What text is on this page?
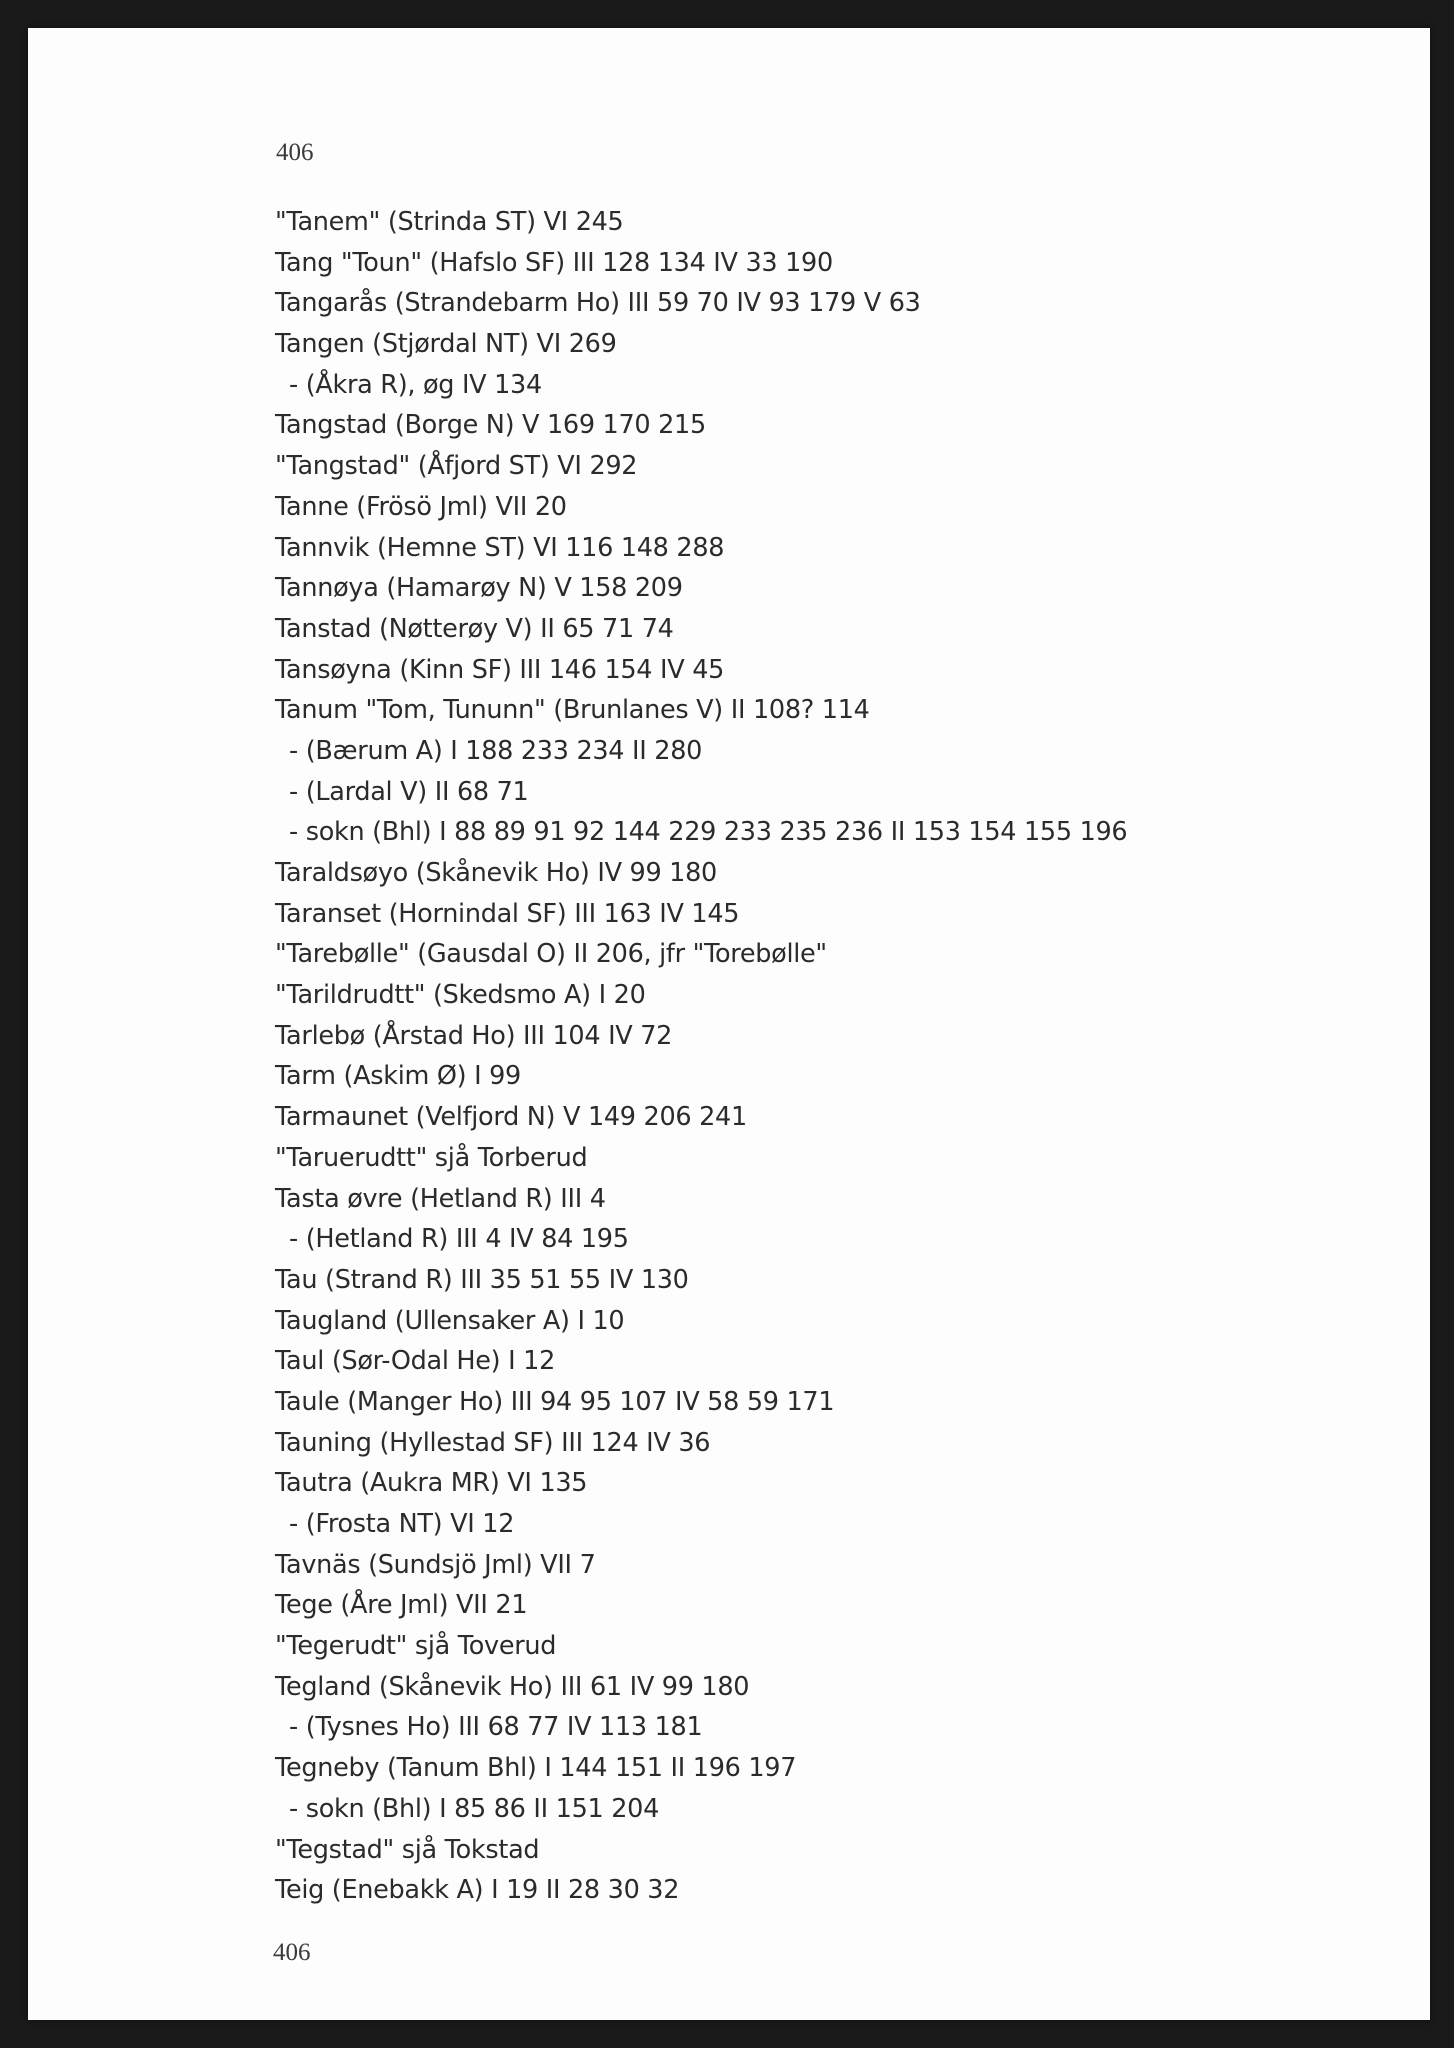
406
"Tanem" (Strinda ST) VI 245
Tang "Toun" (Hafslo SF) III 128 134 IV 33 190
Tangarås (Strandebarm Ho) III 59 70 IV 93 179 V 63
Tangen (Stjørdal NT) VI 269
- (Åkra R), øg IV 134
Tangstad (Borge N) V 169 170 215
"Tangstad" (Åfjord ST) VI 292
Tanne (Frösö Jml) VII 20
Tannvik (Hemne ST) VI 116 148 288
Tannøya (Hamarøy N) V 158 209
Tanstad (Nøtterøy V) II 65 71 74
Tansøyna (Kinn SF) III 146 154 IV 45
Tanum "Tom, Tununn" (Brunlanes V) II 108? 114
- (Bærum A) I 188 233 234 II 280
- (Lardal V) II 68 71
- sokn (Bhl) I 88 89 91 92 144 229 233 235 236 II 153 154 155 196
Taraldsøyo (Skånevik Ho) IV 99 180
Taranset (Hornindal SF) III 163 IV 145
"Tarebølle" (Gausdal O) II 206, jfr "Torebølle"
"Tarildrudtt" (Skedsmo A) I 20
Tarlebø (Årstad Ho) III 104 IV 72
Tarm (Askim Ø) I 99
Tarmaunet (Velfjord N) V 149 206 241
"Taruerudtt" sjå Torberud
Tasta øvre (Hetland R) III 4
- (Hetland R) III 4 IV 84 195
Tau (Strand R) III 35 51 55 IV 130
Taugland (Ullensaker A) I 10
Taul (Sør-Odal He) I 12
Taule (Manger Ho) III 94 95 107 IV 58 59 171
Tauning (Hyllestad SF) III 124 IV 36
Tautra (Aukra MR) VI 135
- (Frosta NT) VI 12
Tavnäs (Sundsjö Jml) VII 7
Tege (Åre Jml) VII 21
"Tegerudt" sjå Toverud
Tegland (Skånevik Ho) III 61 IV 99 180
- (Tysnes Ho) III 68 77 IV 113 181
Tegneby (Tanum Bhl) I 144 151 II 196 197
- sokn (Bhl) I 85 86 II 151 204
"Tegstad" sjå Tokstad
Teig (Enebakk A) I 19 II 28 30 32
406
